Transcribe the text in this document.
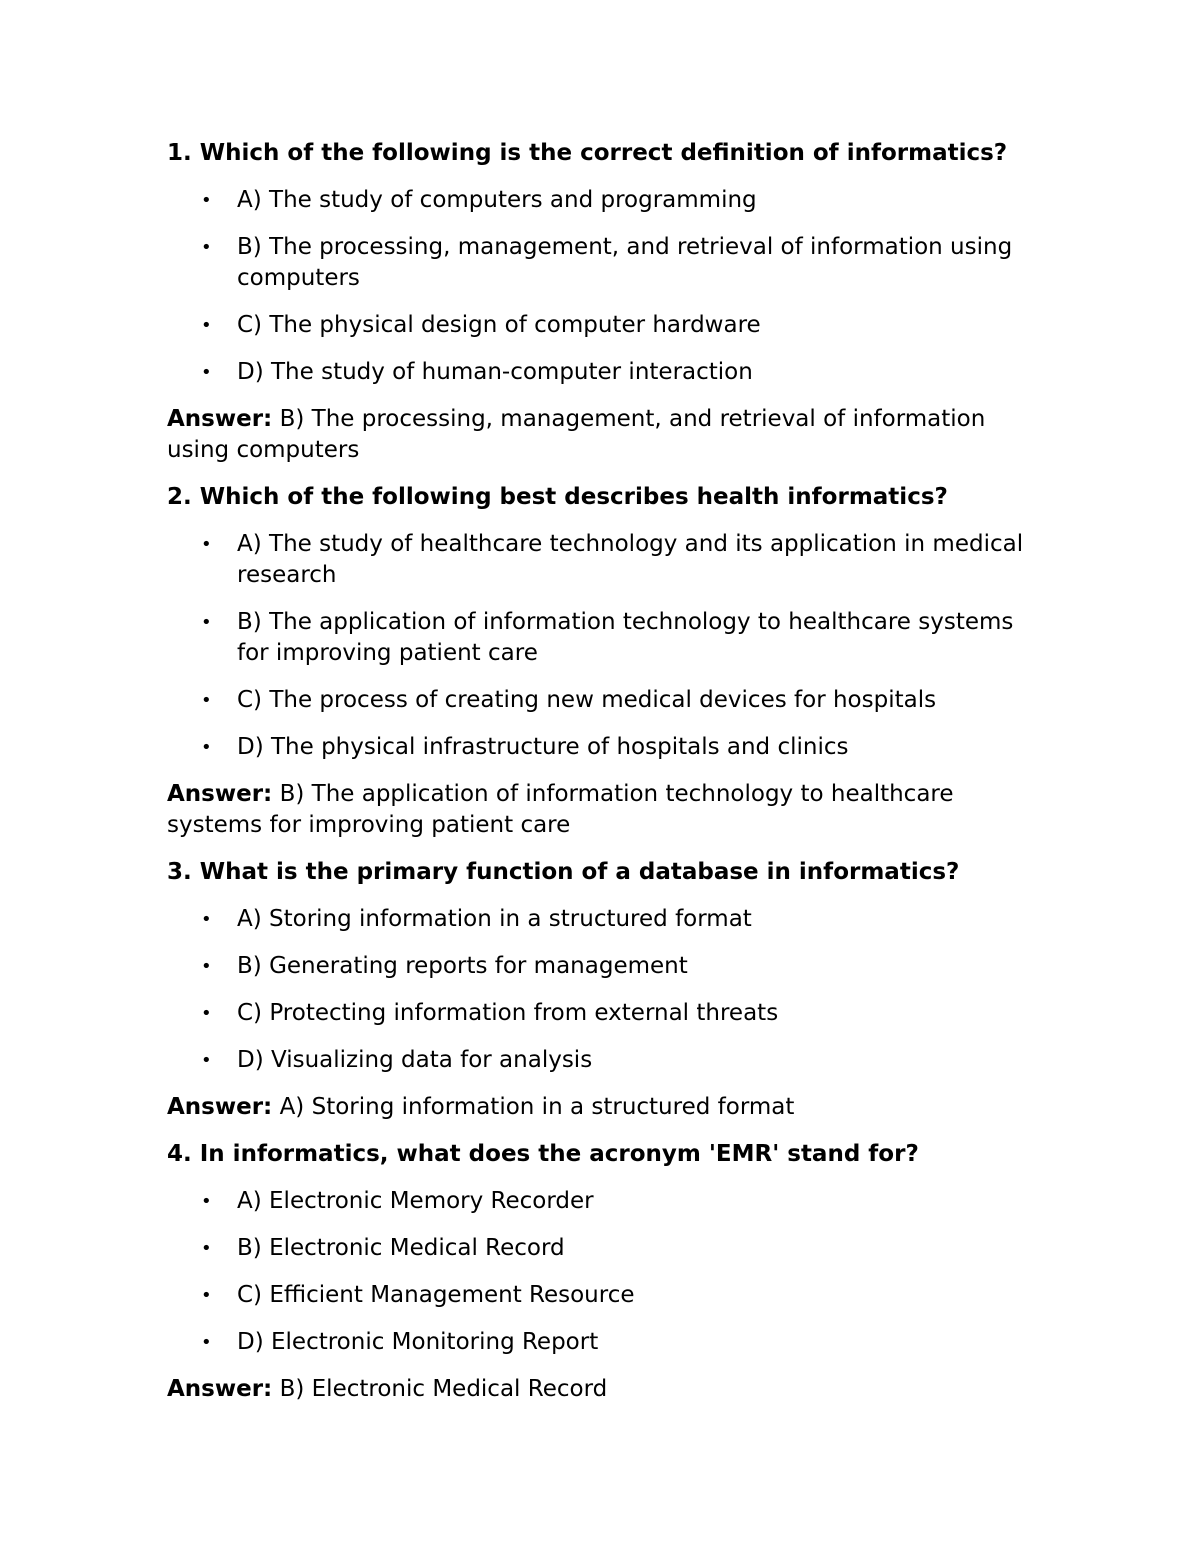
1. Which of the following is the correct definition of informatics?
• A) The study of computers and programming
• B) The processing, management, and retrieval of information using computers
• C) The physical design of computer hardware
• D) The study of human-computer interaction
Answer: B) The processing, management, and retrieval of information using computers
2. Which of the following best describes health informatics?
• A) The study of healthcare technology and its application in medical research
• B) The application of information technology to healthcare systems for improving patient care
• C) The process of creating new medical devices for hospitals
• D) The physical infrastructure of hospitals and clinics
Answer: B) The application of information technology to healthcare systems for improving patient care
3. What is the primary function of a database in informatics?
• A) Storing information in a structured format
• B) Generating reports for management
• C) Protecting information from external threats
• D) Visualizing data for analysis
Answer: A) Storing information in a structured format
4. In informatics, what does the acronym 'EMR' stand for?
• A) Electronic Memory Recorder
• B) Electronic Medical Record
• C) Efficient Management Resource
• D) Electronic Monitoring Report
Answer: B) Electronic Medical Record
